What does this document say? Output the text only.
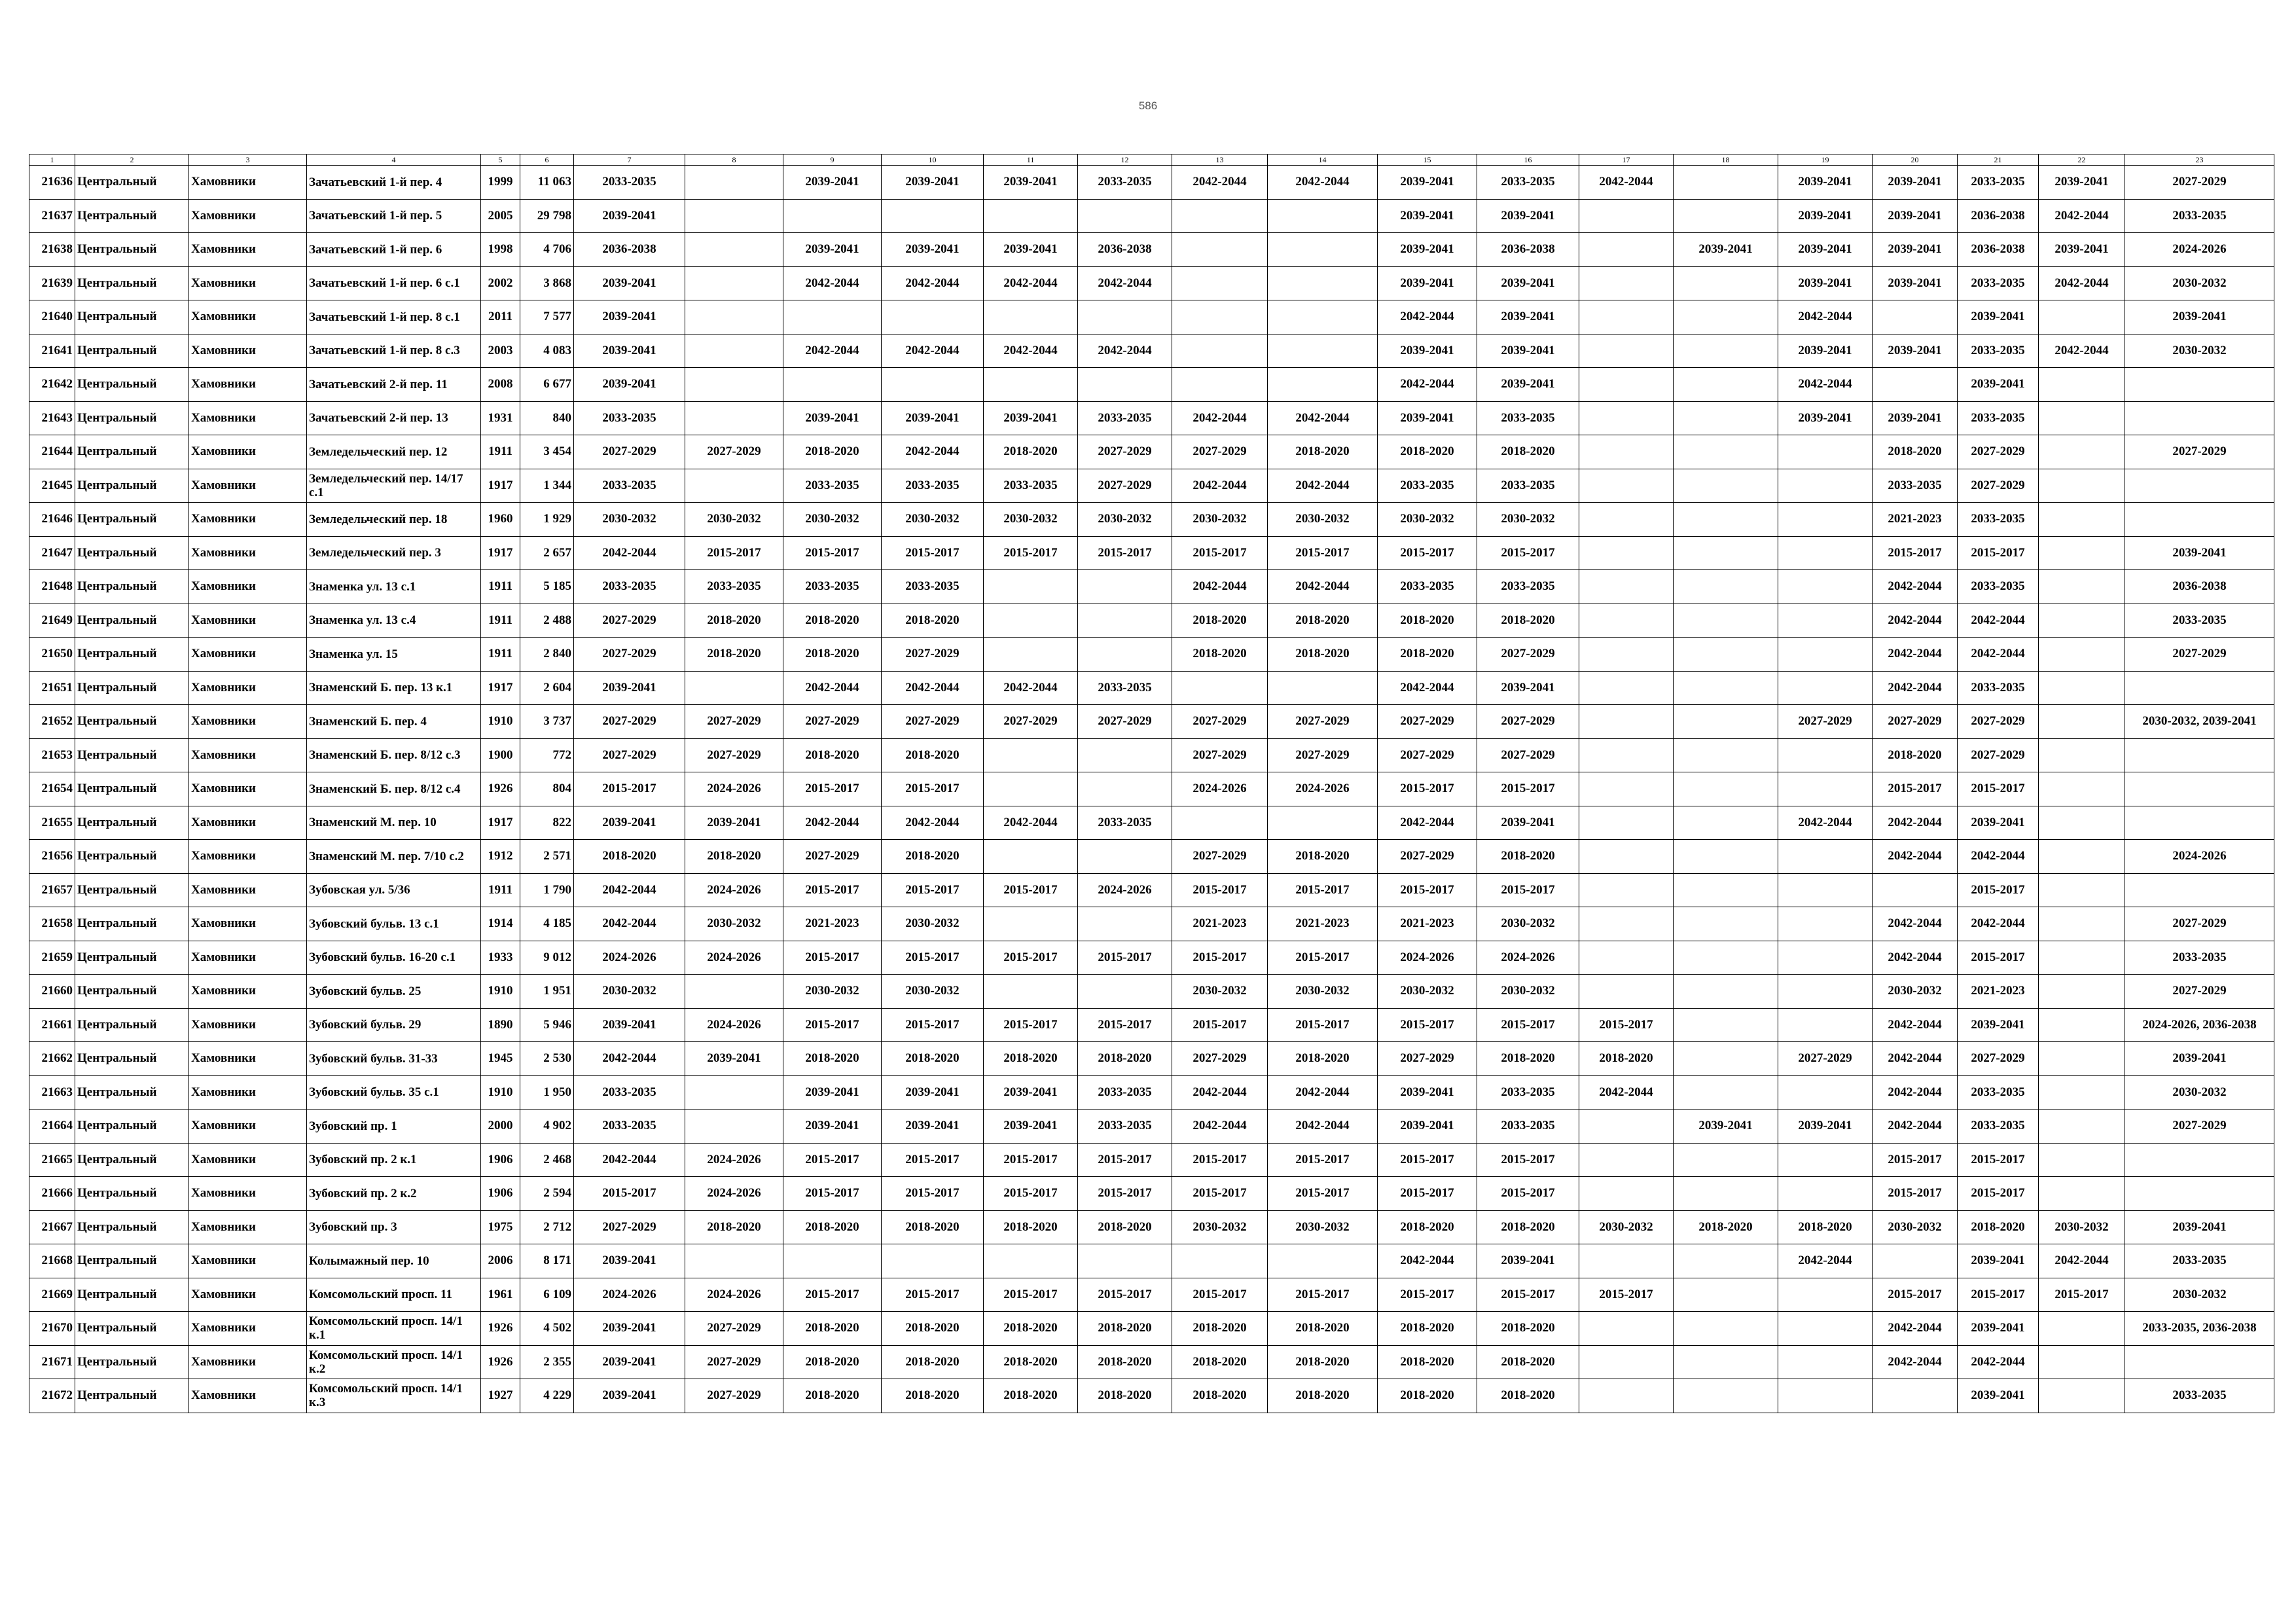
586
1	2	3	4	5	6	7	8	9	10	11	12	13	14	15	16	17	18	19	20	21	22	23
21636	Центральный	Хамовники	Зачатьевский 1-й пер. 4	1999	11 063	2033-2035		2039-2041	2039-2041	2039-2041	2033-2035	2042-2044	2042-2044	2039-2041	2033-2035	2042-2044		2039-2041	2039-2041	2033-2035	2039-2041	2027-2029
21637	Центральный	Хамовники	Зачатьевский 1-й пер. 5	2005	29 798	2039-2041								2039-2041	2039-2041			2039-2041	2039-2041	2036-2038	2042-2044	2033-2035
21638	Центральный	Хамовники	Зачатьевский 1-й пер. 6	1998	4 706	2036-2038		2039-2041	2039-2041	2039-2041	2036-2038			2039-2041	2036-2038		2039-2041	2039-2041	2039-2041	2036-2038	2039-2041	2024-2026
21639	Центральный	Хамовники	Зачатьевский 1-й пер. 6 с.1	2002	3 868	2039-2041		2042-2044	2042-2044	2042-2044	2042-2044			2039-2041	2039-2041			2039-2041	2039-2041	2033-2035	2042-2044	2030-2032
21640	Центральный	Хамовники	Зачатьевский 1-й пер. 8 с.1	2011	7 577	2039-2041								2042-2044	2039-2041			2042-2044		2039-2041		2039-2041
21641	Центральный	Хамовники	Зачатьевский 1-й пер. 8 с.3	2003	4 083	2039-2041		2042-2044	2042-2044	2042-2044	2042-2044			2039-2041	2039-2041			2039-2041	2039-2041	2033-2035	2042-2044	2030-2032
21642	Центральный	Хамовники	Зачатьевский 2-й пер. 11	2008	6 677	2039-2041								2042-2044	2039-2041			2042-2044		2039-2041		
21643	Центральный	Хамовники	Зачатьевский 2-й пер. 13	1931	840	2033-2035		2039-2041	2039-2041	2039-2041	2033-2035	2042-2044	2042-2044	2039-2041	2033-2035			2039-2041	2039-2041	2033-2035		
21644	Центральный	Хамовники	Земледельческий пер. 12	1911	3 454	2027-2029	2027-2029	2018-2020	2042-2044	2018-2020	2027-2029	2027-2029	2018-2020	2018-2020	2018-2020				2018-2020	2027-2029		2027-2029
21645	Центральный	Хамовники	Земледельческий пер. 14/17 с.1	1917	1 344	2033-2035		2033-2035	2033-2035	2033-2035	2027-2029	2042-2044	2042-2044	2033-2035	2033-2035				2033-2035	2027-2029		
21646	Центральный	Хамовники	Земледельческий пер. 18	1960	1 929	2030-2032	2030-2032	2030-2032	2030-2032	2030-2032	2030-2032	2030-2032	2030-2032	2030-2032	2030-2032				2021-2023	2033-2035		
21647	Центральный	Хамовники	Земледельческий пер. 3	1917	2 657	2042-2044	2015-2017	2015-2017	2015-2017	2015-2017	2015-2017	2015-2017	2015-2017	2015-2017	2015-2017				2015-2017	2015-2017		2039-2041
21648	Центральный	Хамовники	Знаменка ул. 13 с.1	1911	5 185	2033-2035	2033-2035	2033-2035	2033-2035			2042-2044	2042-2044	2033-2035	2033-2035				2042-2044	2033-2035		2036-2038
21649	Центральный	Хамовники	Знаменка ул. 13 с.4	1911	2 488	2027-2029	2018-2020	2018-2020	2018-2020			2018-2020	2018-2020	2018-2020	2018-2020				2042-2044	2042-2044		2033-2035
21650	Центральный	Хамовники	Знаменка ул. 15	1911	2 840	2027-2029	2018-2020	2018-2020	2027-2029			2018-2020	2018-2020	2018-2020	2027-2029				2042-2044	2042-2044		2027-2029
21651	Центральный	Хамовники	Знаменский Б. пер. 13 к.1	1917	2 604	2039-2041		2042-2044	2042-2044	2042-2044	2033-2035			2042-2044	2039-2041				2042-2044	2033-2035		
21652	Центральный	Хамовники	Знаменский Б. пер. 4	1910	3 737	2027-2029	2027-2029	2027-2029	2027-2029	2027-2029	2027-2029	2027-2029	2027-2029	2027-2029	2027-2029			2027-2029	2027-2029	2027-2029		2030-2032, 2039-2041
21653	Центральный	Хамовники	Знаменский Б. пер. 8/12 с.3	1900	772	2027-2029	2027-2029	2018-2020	2018-2020			2027-2029	2027-2029	2027-2029	2027-2029				2018-2020	2027-2029		
21654	Центральный	Хамовники	Знаменский Б. пер. 8/12 с.4	1926	804	2015-2017	2024-2026	2015-2017	2015-2017			2024-2026	2024-2026	2015-2017	2015-2017				2015-2017	2015-2017		
21655	Центральный	Хамовники	Знаменский М. пер. 10	1917	822	2039-2041	2039-2041	2042-2044	2042-2044	2042-2044	2033-2035			2042-2044	2039-2041			2042-2044	2042-2044	2039-2041		
21656	Центральный	Хамовники	Знаменский М. пер. 7/10 с.2	1912	2 571	2018-2020	2018-2020	2027-2029	2018-2020			2027-2029	2018-2020	2027-2029	2018-2020				2042-2044	2042-2044		2024-2026
21657	Центральный	Хамовники	Зубовская ул. 5/36	1911	1 790	2042-2044	2024-2026	2015-2017	2015-2017	2015-2017	2024-2026	2015-2017	2015-2017	2015-2017	2015-2017					2015-2017		
21658	Центральный	Хамовники	Зубовский бульв. 13 с.1	1914	4 185	2042-2044	2030-2032	2021-2023	2030-2032			2021-2023	2021-2023	2021-2023	2030-2032				2042-2044	2042-2044		2027-2029
21659	Центральный	Хамовники	Зубовский бульв. 16-20 с.1	1933	9 012	2024-2026	2024-2026	2015-2017	2015-2017	2015-2017	2015-2017	2015-2017	2015-2017	2024-2026	2024-2026				2042-2044	2015-2017		2033-2035
21660	Центральный	Хамовники	Зубовский бульв. 25	1910	1 951	2030-2032		2030-2032	2030-2032			2030-2032	2030-2032	2030-2032	2030-2032				2030-2032	2021-2023		2027-2029
21661	Центральный	Хамовники	Зубовский бульв. 29	1890	5 946	2039-2041	2024-2026	2015-2017	2015-2017	2015-2017	2015-2017	2015-2017	2015-2017	2015-2017	2015-2017	2015-2017			2042-2044	2039-2041		2024-2026, 2036-2038
21662	Центральный	Хамовники	Зубовский бульв. 31-33	1945	2 530	2042-2044	2039-2041	2018-2020	2018-2020	2018-2020	2018-2020	2027-2029	2018-2020	2027-2029	2018-2020	2018-2020		2027-2029	2042-2044	2027-2029		2039-2041
21663	Центральный	Хамовники	Зубовский бульв. 35 с.1	1910	1 950	2033-2035		2039-2041	2039-2041	2039-2041	2033-2035	2042-2044	2042-2044	2039-2041	2033-2035	2042-2044			2042-2044	2033-2035		2030-2032
21664	Центральный	Хамовники	Зубовский пр. 1	2000	4 902	2033-2035		2039-2041	2039-2041	2039-2041	2033-2035	2042-2044	2042-2044	2039-2041	2033-2035		2039-2041	2039-2041	2042-2044	2033-2035		2027-2029
21665	Центральный	Хамовники	Зубовский пр. 2 к.1	1906	2 468	2042-2044	2024-2026	2015-2017	2015-2017	2015-2017	2015-2017	2015-2017	2015-2017	2015-2017	2015-2017				2015-2017	2015-2017		
21666	Центральный	Хамовники	Зубовский пр. 2 к.2	1906	2 594	2015-2017	2024-2026	2015-2017	2015-2017	2015-2017	2015-2017	2015-2017	2015-2017	2015-2017	2015-2017				2015-2017	2015-2017		
21667	Центральный	Хамовники	Зубовский пр. 3	1975	2 712	2027-2029	2018-2020	2018-2020	2018-2020	2018-2020	2018-2020	2030-2032	2030-2032	2018-2020	2018-2020	2030-2032	2018-2020	2018-2020	2030-2032	2018-2020	2030-2032	2039-2041
21668	Центральный	Хамовники	Колымажный пер. 10	2006	8 171	2039-2041								2042-2044	2039-2041			2042-2044		2039-2041	2042-2044	2033-2035
21669	Центральный	Хамовники	Комсомольский просп. 11	1961	6 109	2024-2026	2024-2026	2015-2017	2015-2017	2015-2017	2015-2017	2015-2017	2015-2017	2015-2017	2015-2017	2015-2017			2015-2017	2015-2017	2015-2017	2030-2032
21670	Центральный	Хамовники	Комсомольский просп. 14/1 к.1	1926	4 502	2039-2041	2027-2029	2018-2020	2018-2020	2018-2020	2018-2020	2018-2020	2018-2020	2018-2020	2018-2020				2042-2044	2039-2041		2033-2035, 2036-2038
21671	Центральный	Хамовники	Комсомольский просп. 14/1 к.2	1926	2 355	2039-2041	2027-2029	2018-2020	2018-2020	2018-2020	2018-2020	2018-2020	2018-2020	2018-2020	2018-2020				2042-2044	2042-2044		
21672	Центральный	Хамовники	Комсомольский просп. 14/1 к.3	1927	4 229	2039-2041	2027-2029	2018-2020	2018-2020	2018-2020	2018-2020	2018-2020	2018-2020	2018-2020	2018-2020					2039-2041		2033-2035
